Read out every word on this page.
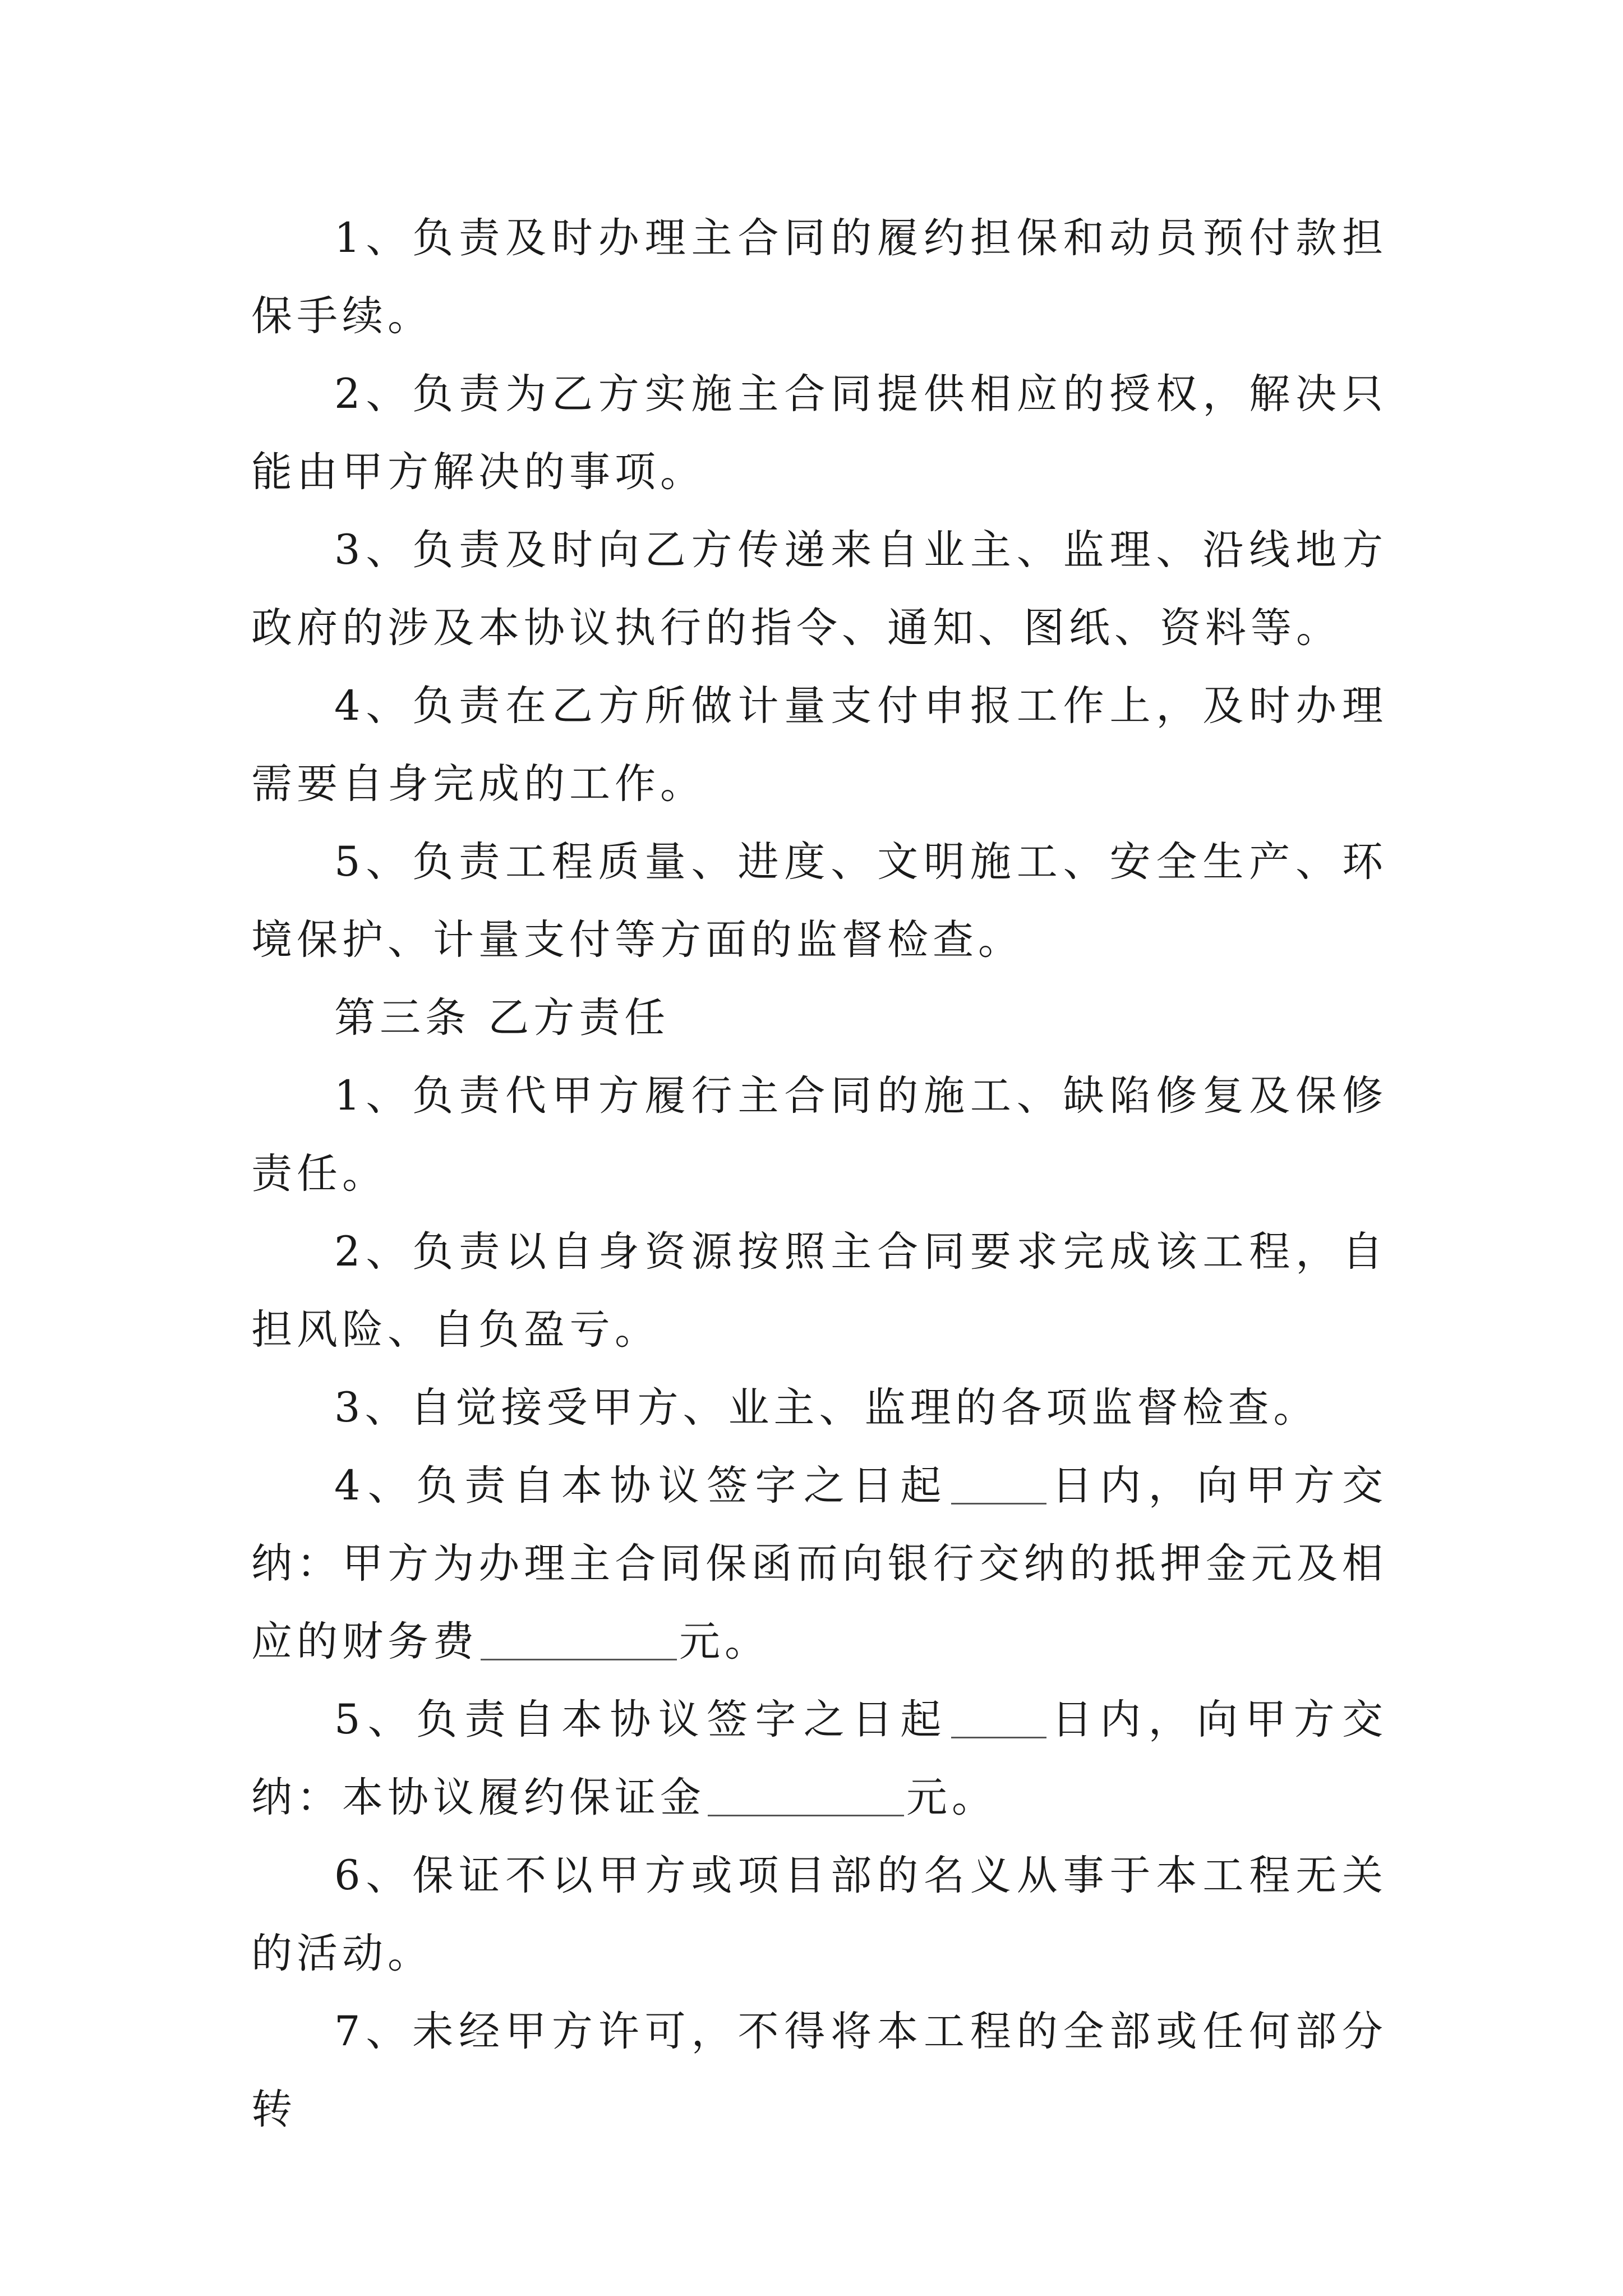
1、负责及时办理主合同的履约担保和动员预付款担保手续。

2、负责为乙方实施主合同提供相应的授权，解决只能由甲方解决的事项。

3、负责及时向乙方传递来自业主、监理、沿线地方政府的涉及本协议执行的指令、通知、图纸、资料等。

4、负责在乙方所做计量支付申报工作上，及时办理需要自身完成的工作。

5、负责工程质量、进度、文明施工、安全生产、环境保护、计量支付等方面的监督检查。

第三条 乙方责任

1、负责代甲方履行主合同的施工、缺陷修复及保修责任。

2、负责以自身资源按照主合同要求完成该工程，自担风险、自负盈亏。

3、自觉接受甲方、业主、监理的各项监督检查。

4、负责自本协议签字之日起 日内，向甲方交纳：甲方为办理主合同保函而向银行交纳的抵押金元及相应的财务费	元。

5、负责自本协议签字之日起 日内，向甲方交纳：本协议履约保证金	元。

6、保证不以甲方或项目部的名义从事于本工程无关的活动。

7、未经甲方许可，不得将本工程的全部或任何部分转
